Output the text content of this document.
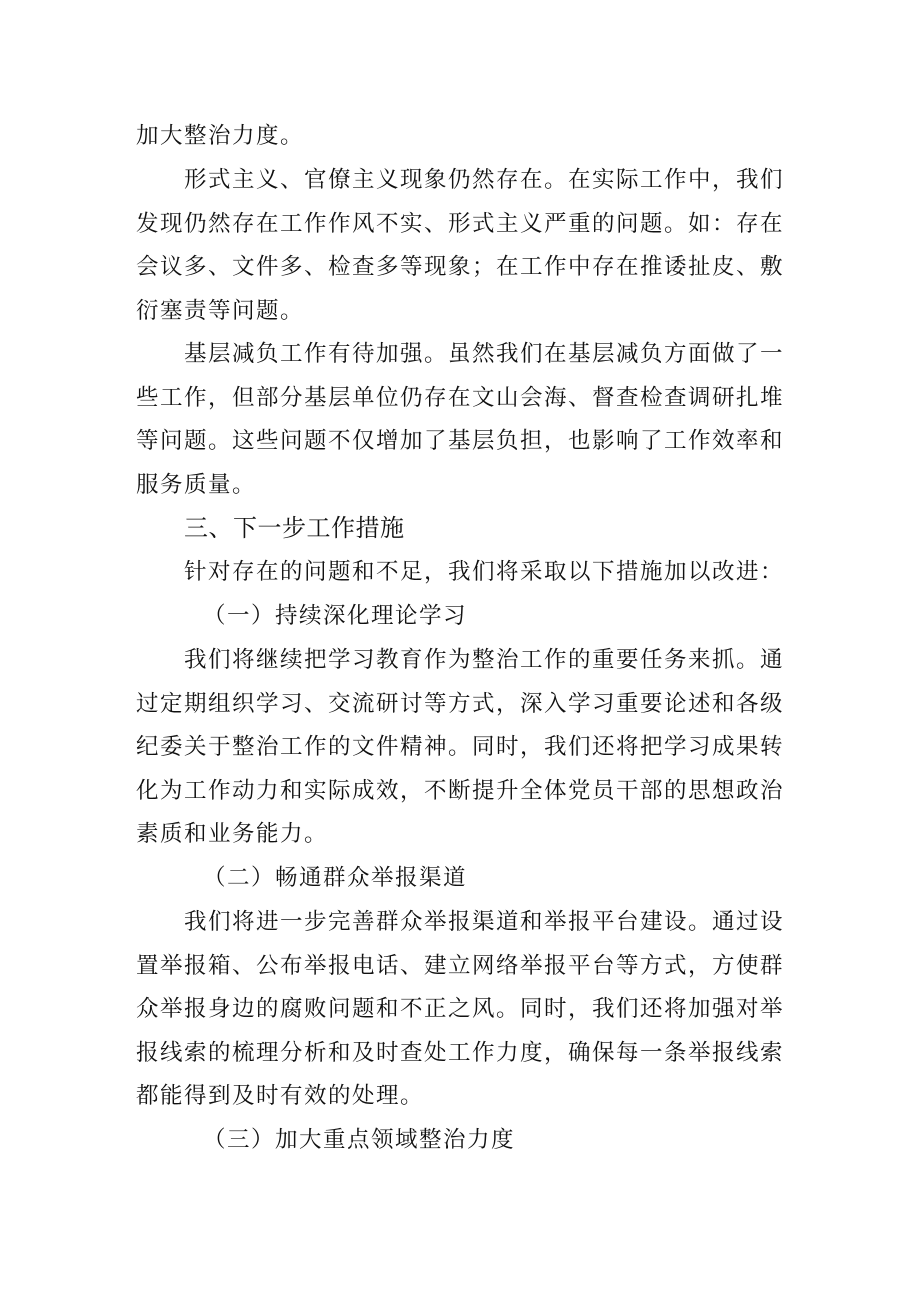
加大整治力度。

形式主义、官僚主义现象仍然存在。在实际工作中，我们发现仍然存在工作作风不实、形式主义严重的问题。如：存在会议多、文件多、检查多等现象；在工作中存在推诿扯皮、敷衍塞责等问题。

基层减负工作有待加强。虽然我们在基层减负方面做了一些工作，但部分基层单位仍存在文山会海、督查检查调研扎堆等问题。这些问题不仅增加了基层负担，也影响了工作效率和服务质量。

三、下一步工作措施

针对存在的问题和不足，我们将采取以下措施加以改进：

（一）持续深化理论学习

我们将继续把学习教育作为整治工作的重要任务来抓。通过定期组织学习、交流研讨等方式，深入学习重要论述和各级纪委关于整治工作的文件精神。同时，我们还将把学习成果转化为工作动力和实际成效，不断提升全体党员干部的思想政治素质和业务能力。

（二）畅通群众举报渠道

我们将进一步完善群众举报渠道和举报平台建设。通过设置举报箱、公布举报电话、建立网络举报平台等方式，方使群众举报身边的腐败问题和不正之风。同时，我们还将加强对举报线索的梳理分析和及时查处工作力度，确保每一条举报线索都能得到及时有效的处理。

（三）加大重点领域整治力度
